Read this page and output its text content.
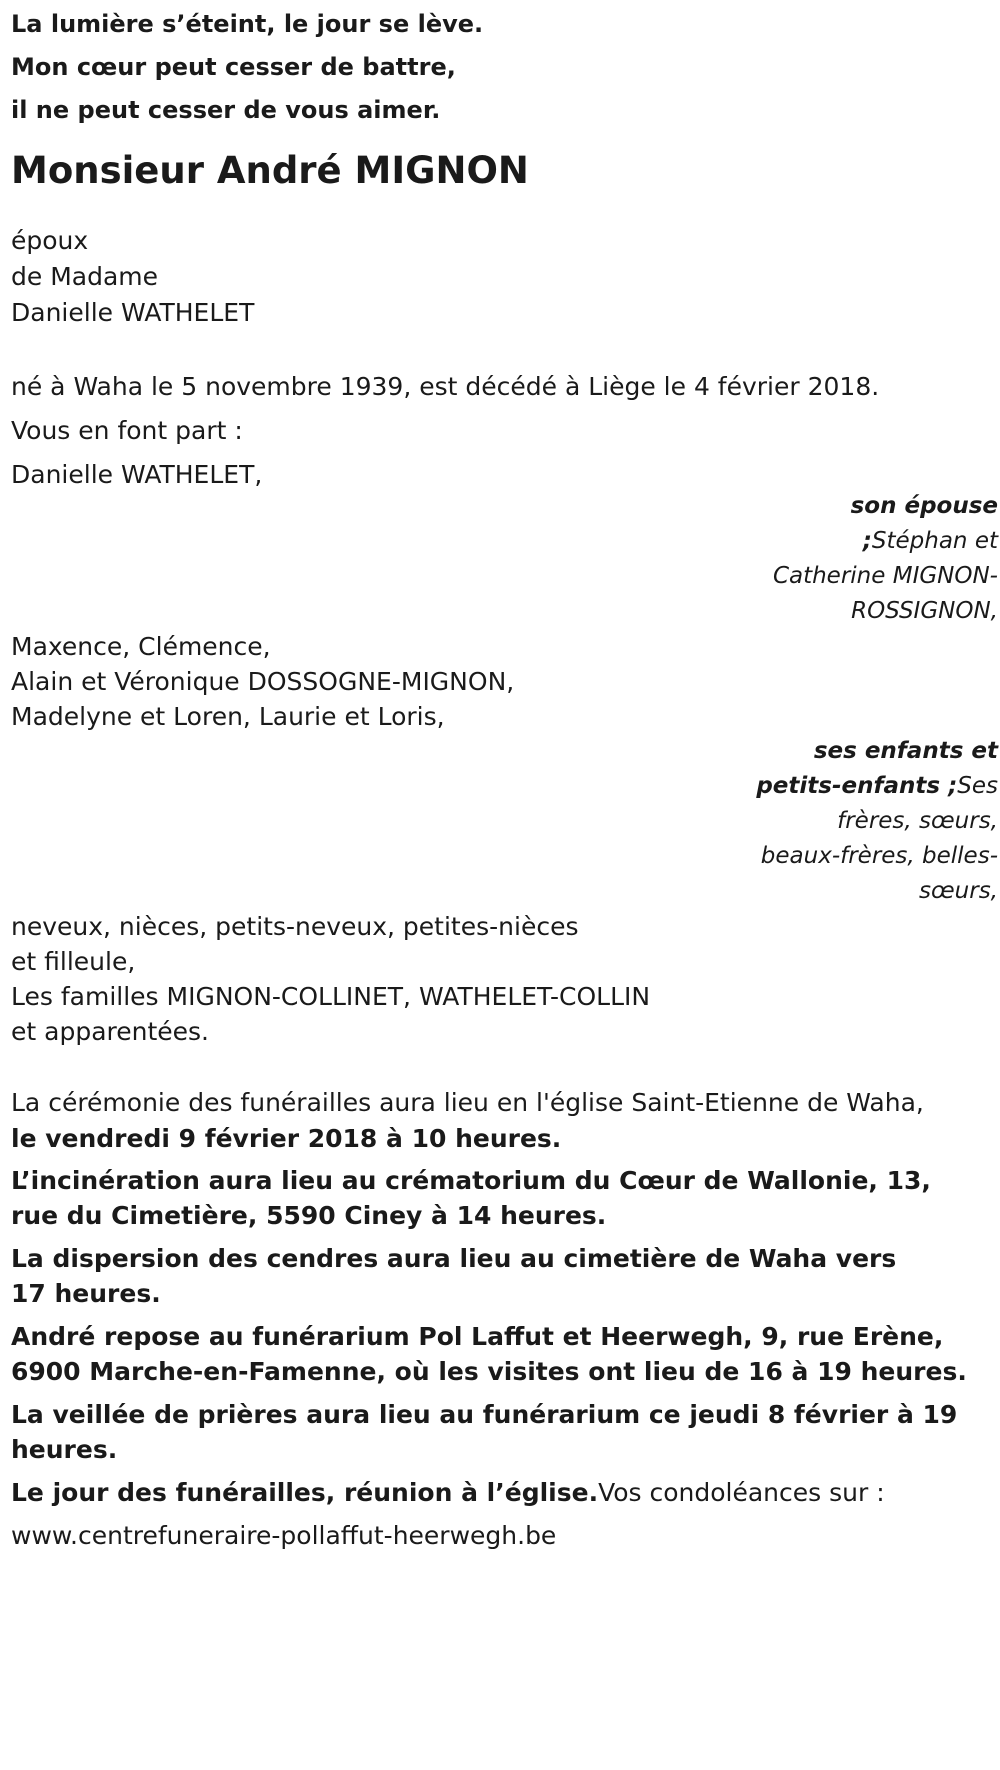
La lumière s’éteint, le jour se lève.
Mon cœur peut cesser de battre,
il ne peut cesser de vous aimer.
Monsieur André MIGNON
époux
de Madame
Danielle WATHELET
né à Waha le 5 novembre 1939, est décédé à Liège le 4 février 2018.
Vous en font part :
Danielle WATHELET,
son épouse
;Stéphan et
Catherine MIGNON-
ROSSIGNON,
Maxence, Clémence,
Alain et Véronique DOSSOGNE-MIGNON,
Madelyne et Loren, Laurie et Loris,
ses enfants et
petits-enfants ;Ses
frères, sœurs,
beaux-frères, belles-
sœurs,
neveux, nièces, petits-neveux, petites-nièces
et filleule,
Les familles MIGNON-COLLINET, WATHELET-COLLIN
et apparentées.
La cérémonie des funérailles aura lieu en l'église Saint-Etienne de Waha,
le vendredi 9 février 2018 à 10 heures.
L’incinération aura lieu au crématorium du Cœur de Wallonie, 13, rue du Cimetière, 5590 Ciney à 14 heures.
La dispersion des cendres aura lieu au cimetière de Waha vers 17 heures.
André repose au funérarium Pol Laffut et Heerwegh, 9, rue Erène, 6900 Marche-en-Famenne, où les visites ont lieu de 16 à 19 heures.
La veillée de prières aura lieu au funérarium ce jeudi 8 février à 19 heures.
Le jour des funérailles, réunion à l’église.Vos condoléances sur :
www.centrefuneraire-pollaffut-heerwegh.be
